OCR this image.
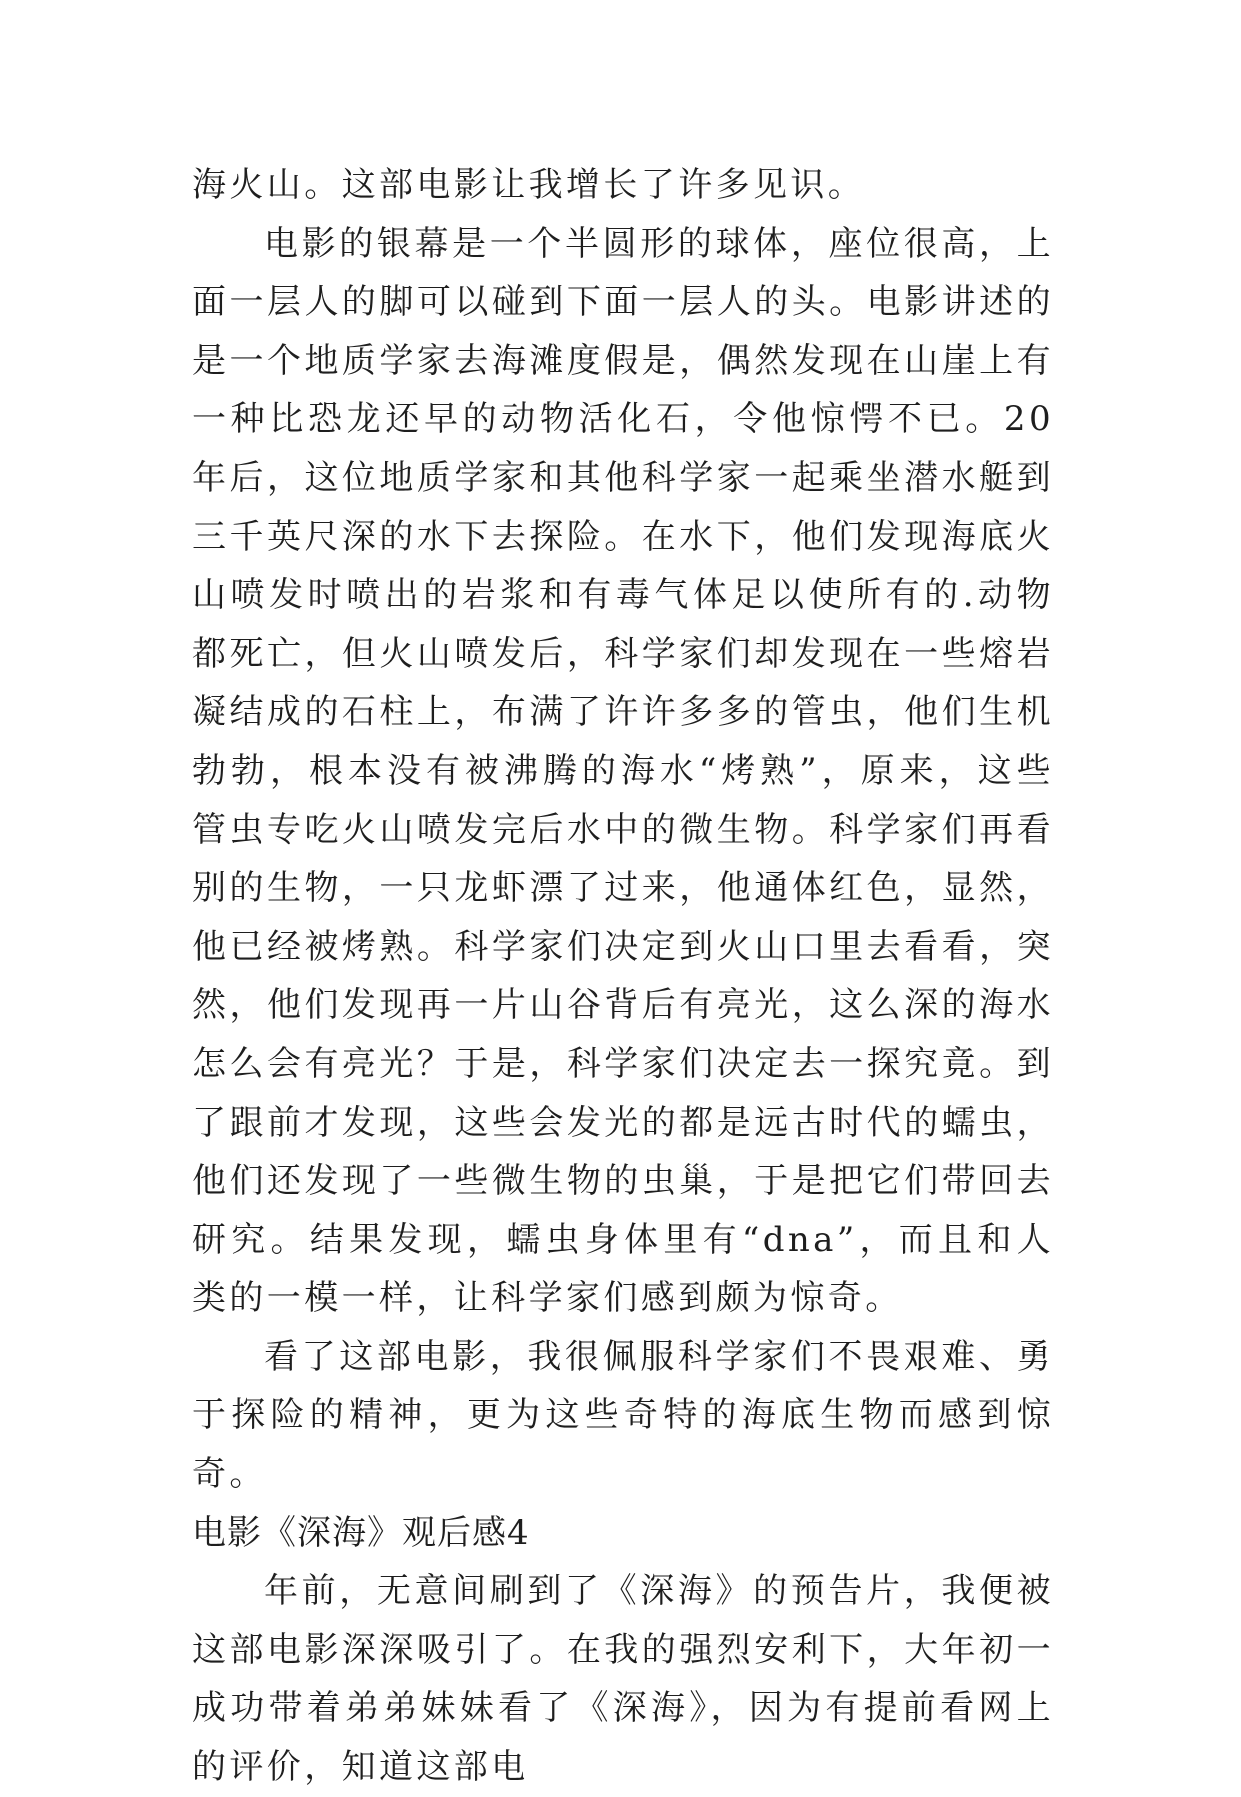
海火山。这部电影让我增长了许多见识。

电影的银幕是一个半圆形的球体，座位很高，上面一层人的脚可以碰到下面一层人的头。电影讲述的是一个地质学家去海滩度假是，偶然发现在山崖上有一种比恐龙还早的动物活化石，令他惊愕不已。20年后，这位地质学家和其他科学家一起乘坐潜水艇到三千英尺深的水下去探险。在水下，他们发现海底火山喷发时喷出的岩浆和有毒气体足以使所有的.动物都死亡，但火山喷发后，科学家们却发现在一些熔岩凝结成的石柱上，布满了许许多多的管虫，他们生机勃勃，根本没有被沸腾的海水“烤熟”，原来，这些管虫专吃火山喷发完后水中的微生物。科学家们再看别的生物，一只龙虾漂了过来，他通体红色，显然，他已经被烤熟。科学家们决定到火山口里去看看，突然，他们发现再一片山谷背后有亮光，这么深的海水怎么会有亮光？于是，科学家们决定去一探究竟。到了跟前才发现，这些会发光的都是远古时代的蠕虫，他们还发现了一些微生物的虫巢，于是把它们带回去研究。结果发现，蠕虫身体里有“dna”，而且和人类的一模一样，让科学家们感到颇为惊奇。

看了这部电影，我很佩服科学家们不畏艰难、勇于探险的精神，更为这些奇特的海底生物而感到惊奇。

电影《深海》观后感4

年前，无意间刷到了《深海》的预告片，我便被这部电影深深吸引了。在我的强烈安利下，大年初一成功带着弟弟妹妹看了《深海》，因为有提前看网上的评价，知道这部电
